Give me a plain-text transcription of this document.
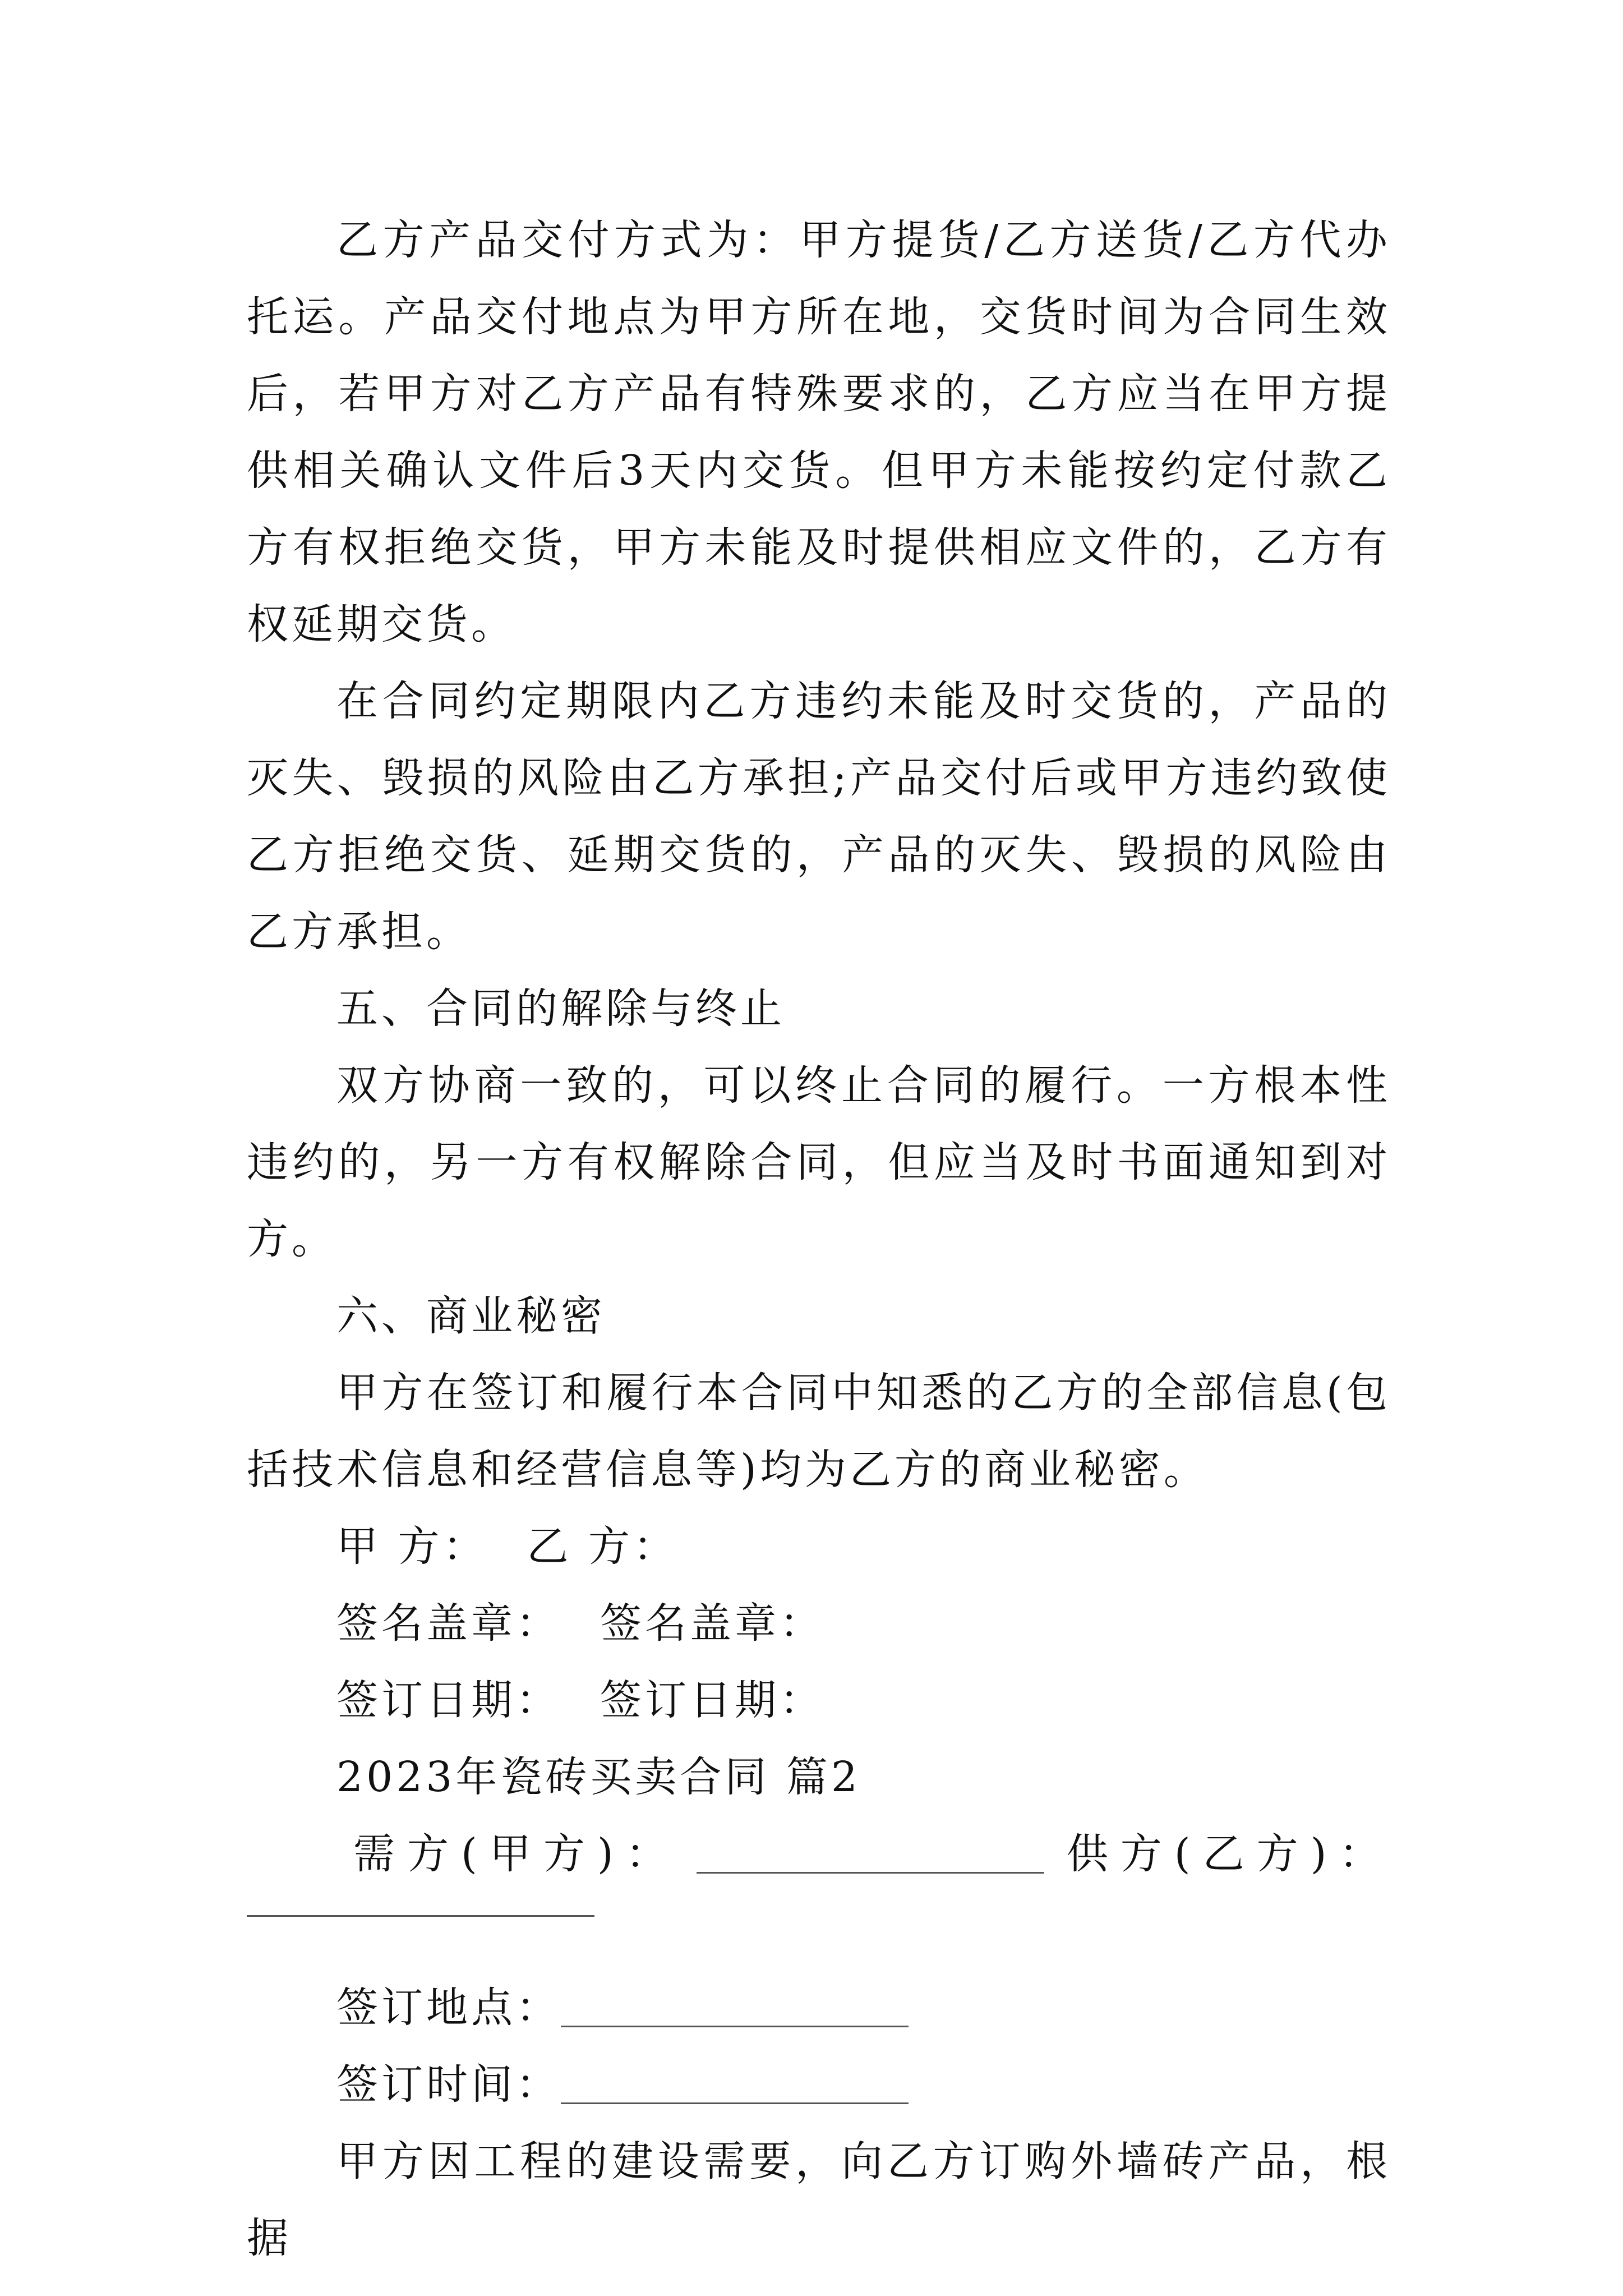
乙方产品交付方式为：甲方提货/乙方送货/乙方代办托运。产品交付地点为甲方所在地，交货时间为合同生效后，若甲方对乙方产品有特殊要求的，乙方应当在甲方提供相关确认文件后3天内交货。但甲方未能按约定付款乙方有权拒绝交货，甲方未能及时提供相应文件的，乙方有权延期交货。

在合同约定期限内乙方违约未能及时交货的，产品的灭失、毁损的风险由乙方承担;产品交付后或甲方违约致使乙方拒绝交货、延期交货的，产品的灭失、毁损的风险由乙方承担。

五、合同的解除与终止

双方协商一致的，可以终止合同的履行。一方根本性违约的，另一方有权解除合同，但应当及时书面通知到对方。

六、商业秘密

甲方在签订和履行本合同中知悉的乙方的全部信息(包括技术信息和经营信息等)均为乙方的商业秘密。

甲 方： 乙 方：

签名盖章： 签名盖章：

签订日期： 签订日期：

2023年瓷砖买卖合同 篇2

需方(甲方)：	供方(乙方)：

签订地点：

签订时间：

甲方因工程的建设需要，向乙方订购外墙砖产品，根据
